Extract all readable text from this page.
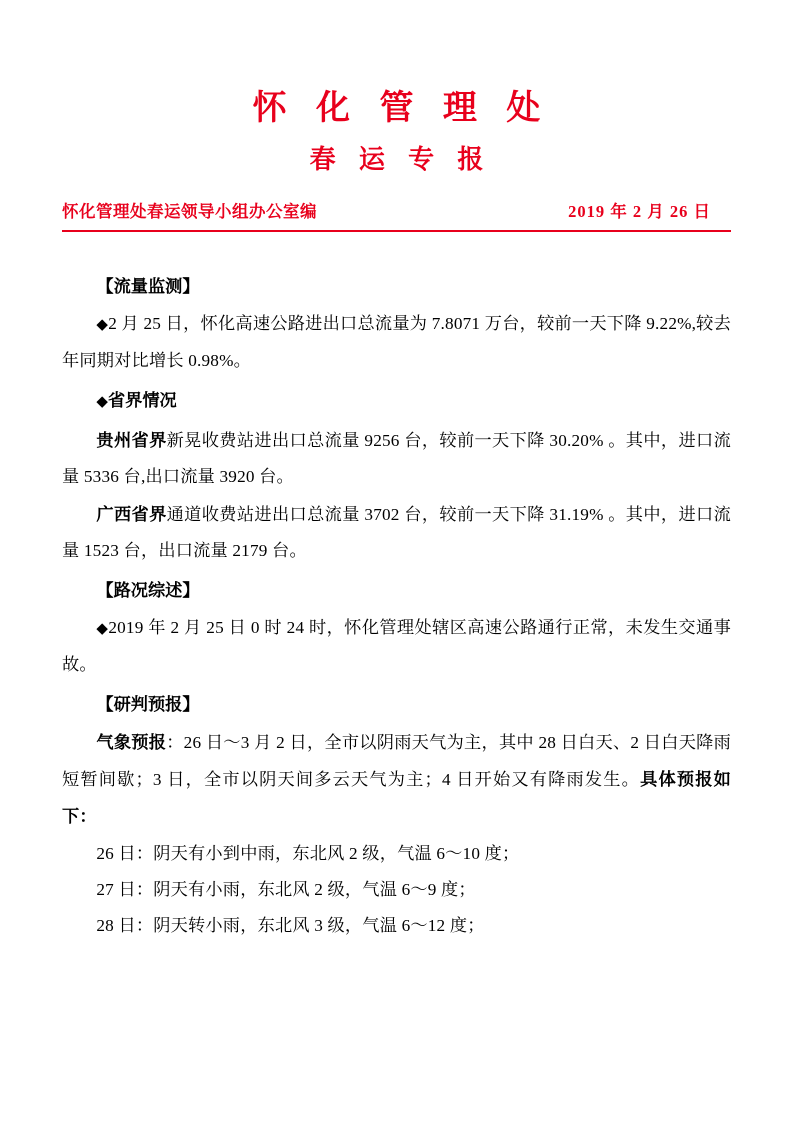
怀 化 管 理 处
春 运 专 报
怀化管理处春运领导小组办公室编	2019 年 2 月 26 日

【流量监测】

◆2 月 25 日，怀化高速公路进出口总流量为 7.8071 万台，较前一天下降 9.22%,较去年同期对比增长 0.98%。

◆省界情况

贵州省界新晃收费站进出口总流量 9256 台，较前一天下降 30.20% 。其中，进口流量 5336 台,出口流量 3920 台。

广西省界通道收费站进出口总流量 3702 台，较前一天下降 31.19% 。其中，进口流量 1523 台，出口流量 2179 台。

【路况综述】

◆2019 年 2 月 25 日 0 时 24 时，怀化管理处辖区高速公路通行正常，未发生交通事故。

【研判预报】

气象预报：26 日～3 月 2 日，全市以阴雨天气为主，其中 28 日白天、2 日白天降雨短暂间歇；3 日，全市以阴天间多云天气为主；4 日开始又有降雨发生。具体预报如下：

26 日：阴天有小到中雨，东北风 2 级，气温 6～10 度；

27 日：阴天有小雨，东北风 2 级，气温 6～9 度；

28 日：阴天转小雨，东北风 3 级，气温 6～12 度；
